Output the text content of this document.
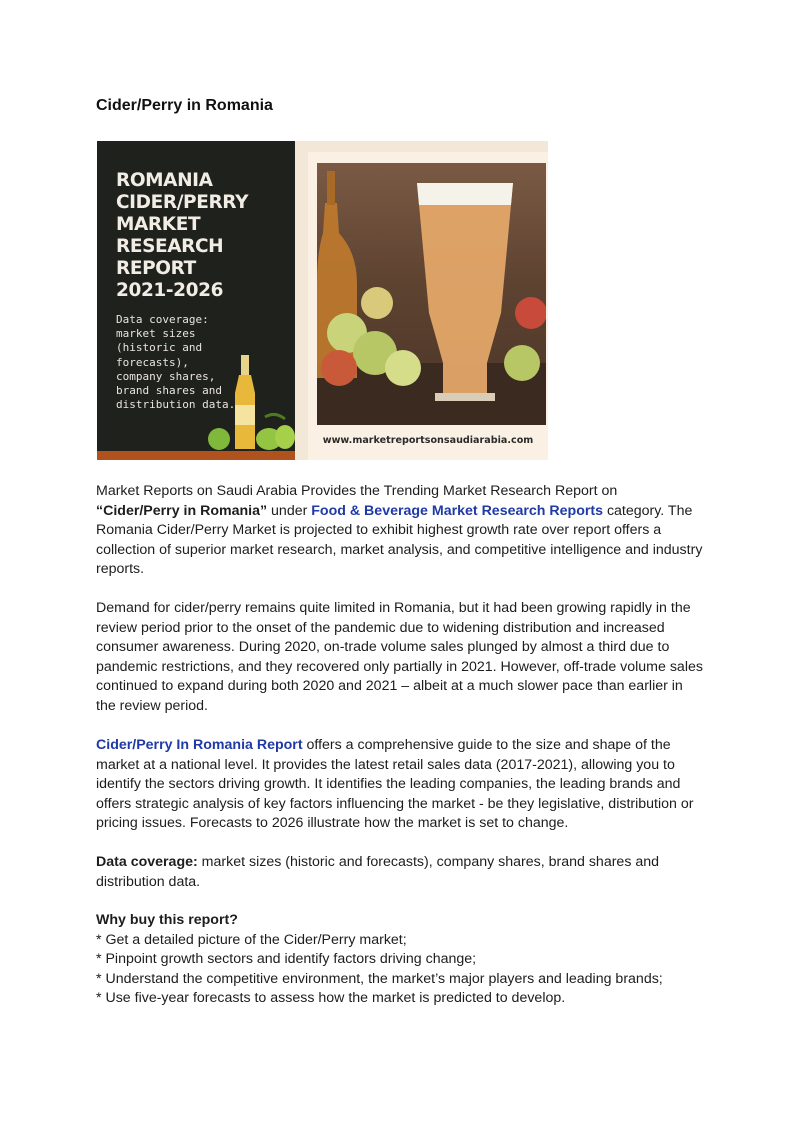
Cider/Perry in Romania
ROMANIA
CIDER/PERRY
MARKET
RESEARCH
REPORT
2021-2026
Data coverage:
market sizes
(historic and
forecasts),
company shares,
brand shares and
distribution data.
www.marketreportsonsaudiarabia.com

Market Reports on Saudi Arabia Provides the Trending Market Research Report on
“Cider/Perry in Romania” under Food & Beverage Market Research Reports category. The Romania Cider/Perry Market is projected to exhibit highest growth rate over report offers a collection of superior market research, market analysis, and competitive intelligence and industry reports.

Demand for cider/perry remains quite limited in Romania, but it had been growing rapidly in the review period prior to the onset of the pandemic due to widening distribution and increased consumer awareness. During 2020, on-trade volume sales plunged by almost a third due to pandemic restrictions, and they recovered only partially in 2021. However, off-trade volume sales continued to expand during both 2020 and 2021 – albeit at a much slower pace than earlier in the review period.

Cider/Perry In Romania Report offers a comprehensive guide to the size and shape of the market at a national level. It provides the latest retail sales data (2017-2021), allowing you to identify the sectors driving growth. It identifies the leading companies, the leading brands and offers strategic analysis of key factors influencing the market - be they legislative, distribution or pricing issues. Forecasts to 2026 illustrate how the market is set to change.

Data coverage: market sizes (historic and forecasts), company shares, brand shares and distribution data.

Why buy this report?

* Get a detailed picture of the Cider/Perry market;
* Pinpoint growth sectors and identify factors driving change;
* Understand the competitive environment, the market’s major players and leading brands;
* Use five-year forecasts to assess how the market is predicted to develop.
